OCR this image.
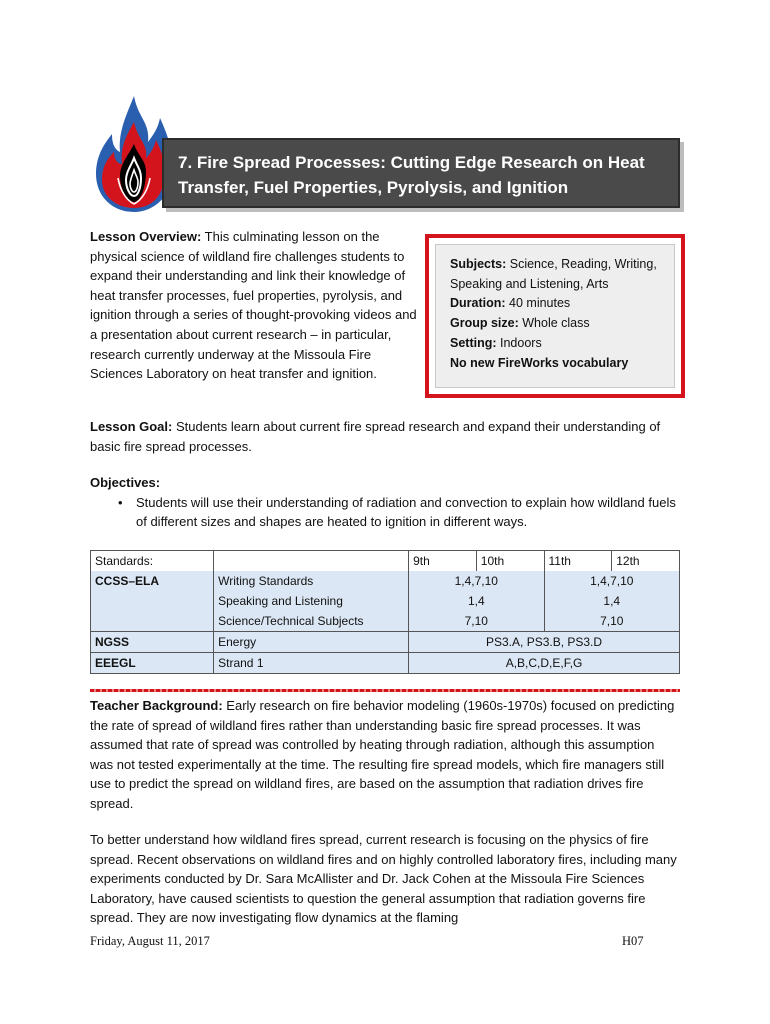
7. Fire Spread Processes: Cutting Edge Research on Heat
Transfer, Fuel Properties, Pyrolysis, and Ignition
Lesson Overview: This culminating lesson on the physical science of wildland fire challenges students to expand their understanding and link their knowledge of heat transfer processes, fuel properties, pyrolysis, and ignition through a series of thought-provoking videos and a presentation about current research – in particular, research currently underway at the Missoula Fire Sciences Laboratory on heat transfer and ignition.
Subjects: Science, Reading, Writing, Speaking and Listening, Arts
Duration: 40 minutes
Group size: Whole class
Setting: Indoors
No new FireWorks vocabulary
Lesson Goal: Students learn about current fire spread research and expand their understanding of basic fire spread processes.
Objectives:
• Students will use their understanding of radiation and convection to explain how wildland fuels of different sizes and shapes are heated to ignition in different ways.
Standards:		9th	10th	11th	12th
CCSS–ELA	Writing Standards	1,4,7,10		1,4,7,10	
	Speaking and Listening	1,4		1,4	
	Science/Technical Subjects	7,10		7,10	
NGSS	Energy	PS3.A, PS3.B, PS3.D			
EEEGL	Strand 1	A,B,C,D,E,F,G			
Teacher Background: Early research on fire behavior modeling (1960s-1970s) focused on predicting the rate of spread of wildland fires rather than understanding basic fire spread processes. It was assumed that rate of spread was controlled by heating through radiation, although this assumption was not tested experimentally at the time. The resulting fire spread models, which fire managers still use to predict the spread on wildland fires, are based on the assumption that radiation drives fire spread.
To better understand how wildland fires spread, current research is focusing on the physics of fire spread. Recent observations on wildland fires and on highly controlled laboratory fires, including many experiments conducted by Dr. Sara McAllister and Dr. Jack Cohen at the Missoula Fire Sciences Laboratory, have caused scientists to question the general assumption that radiation governs fire spread. They are now investigating flow dynamics at the flaming
Friday, August 11, 2017	H07
